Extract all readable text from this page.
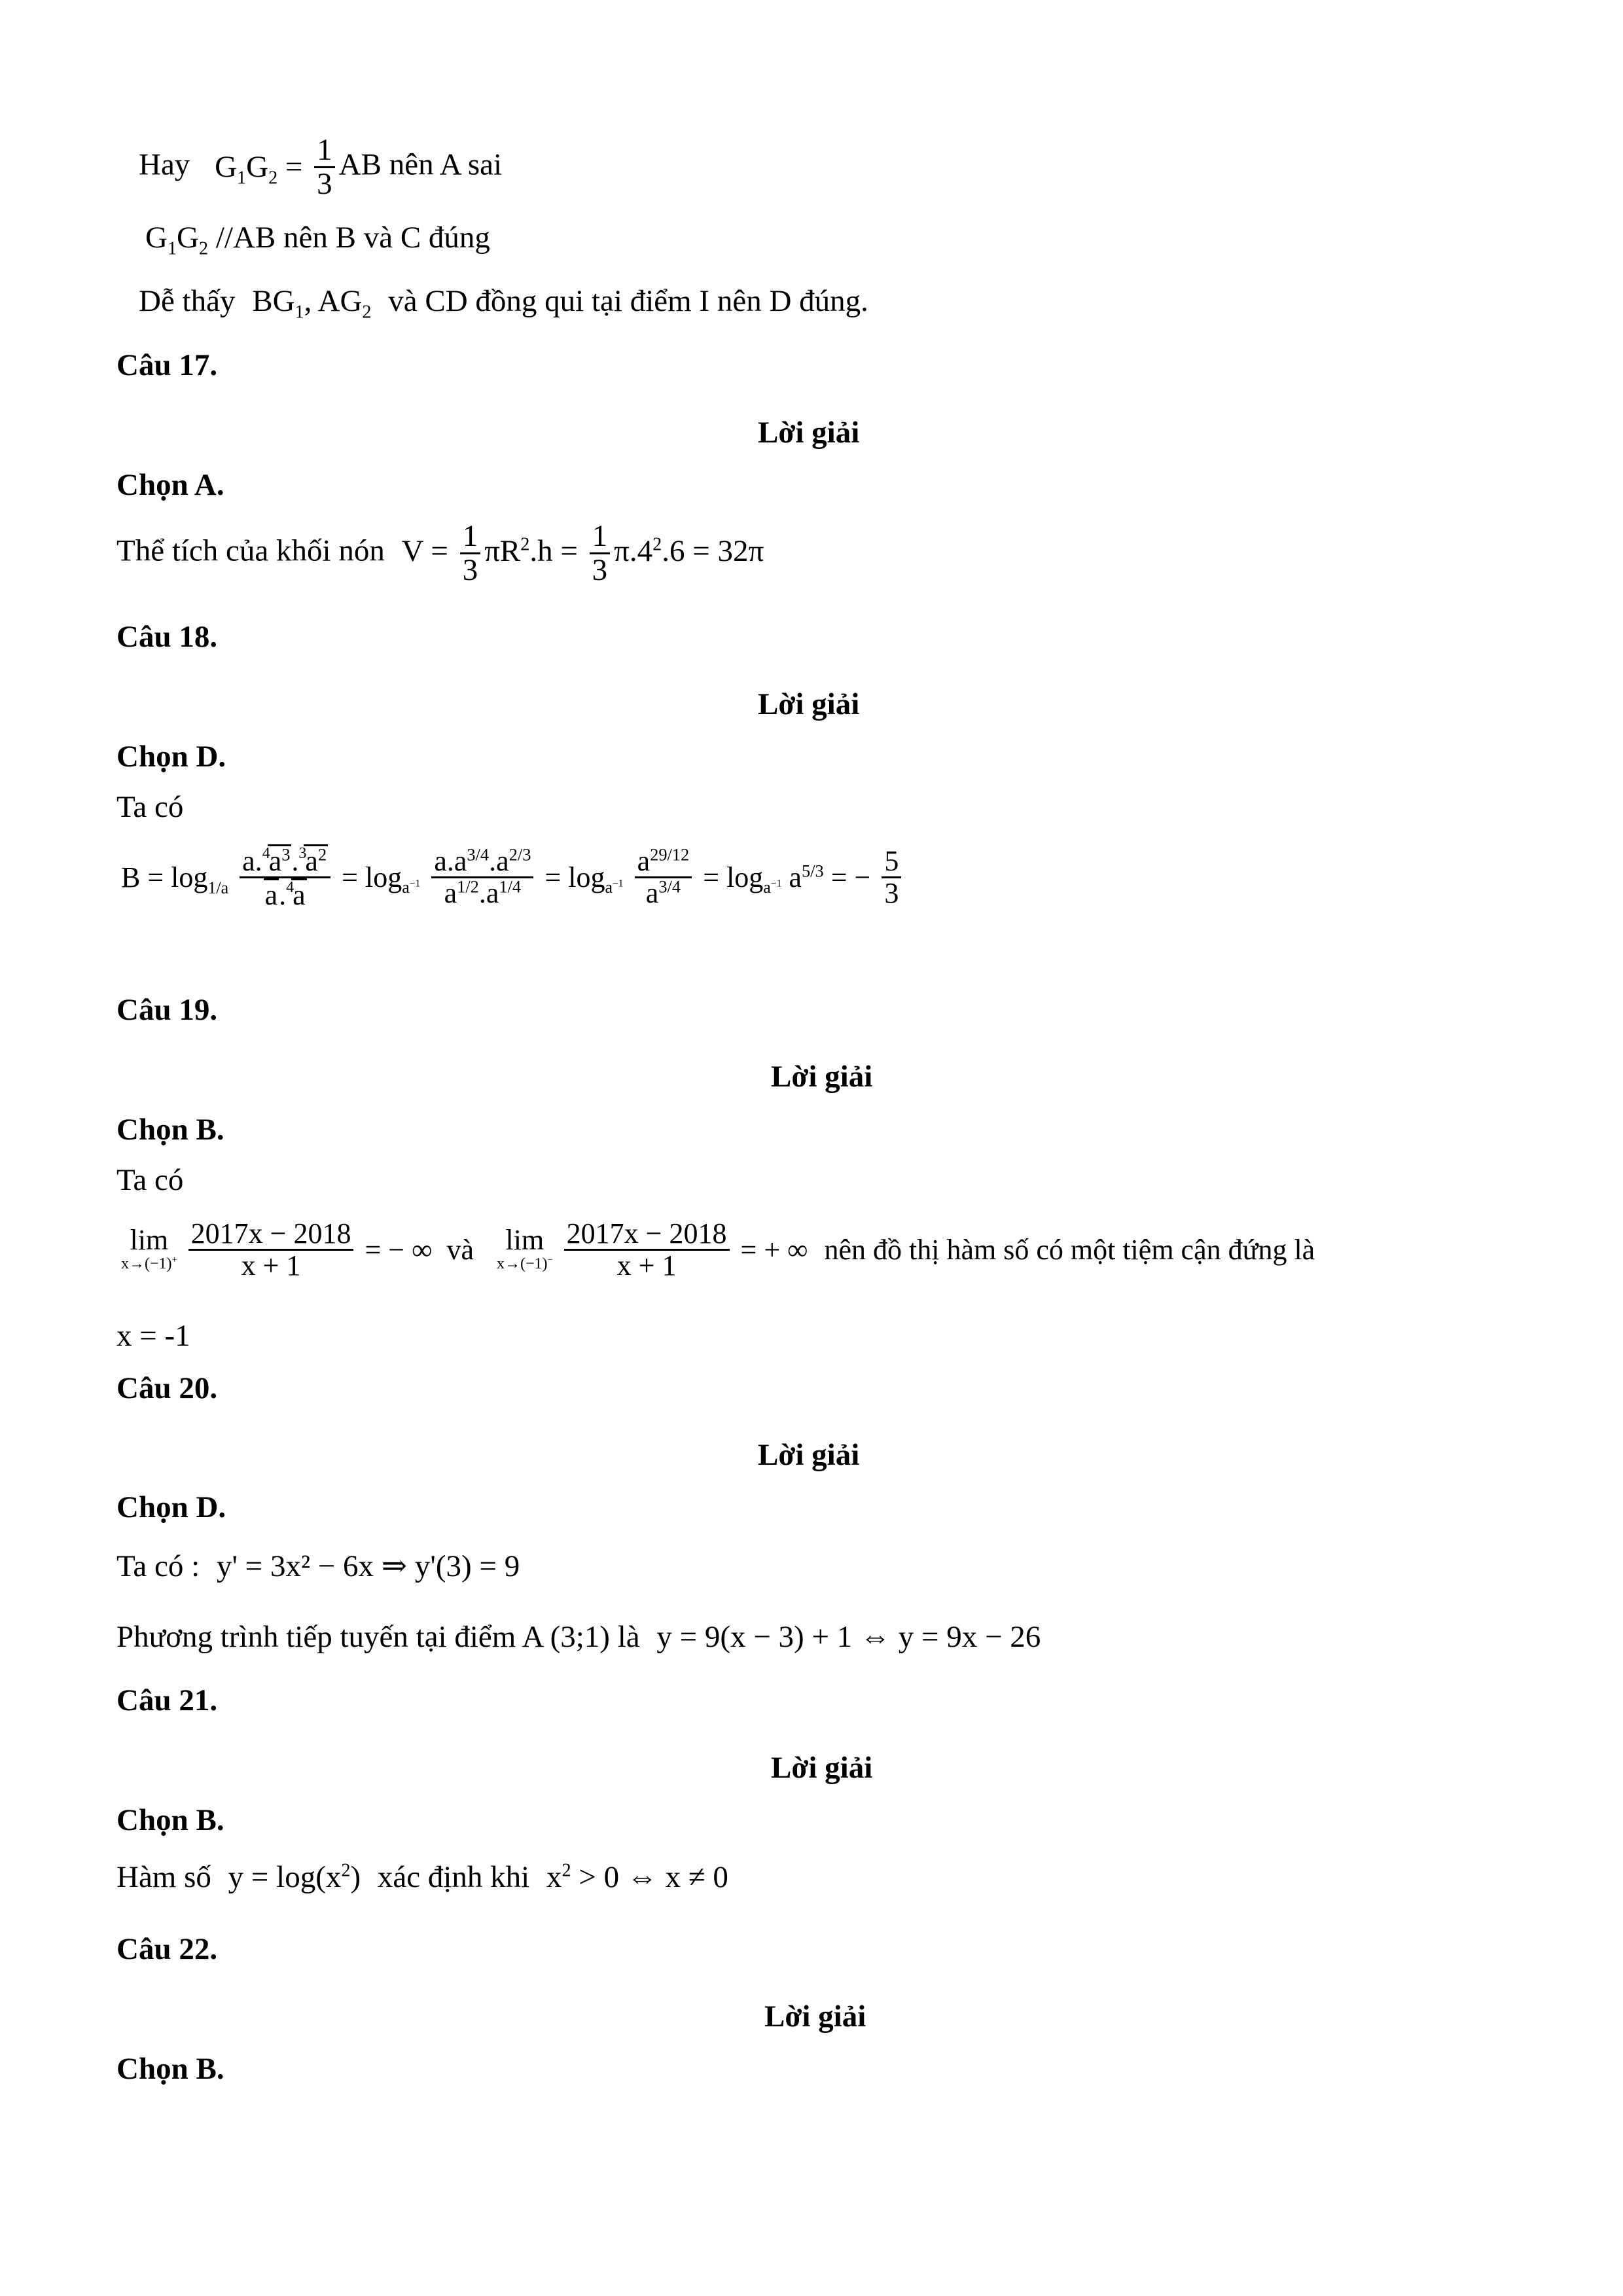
Hay $G_1G_2 = \frac{1}{3}$ AB nên A sai
$G_1G_2$ //AB nên B và C đúng
Dễ thấy $BG_1$, $AG_2$ và CD đồng qui tại điểm I nên D đúng.
Câu 17.
Lời giải
Chọn A.
Thể tích của khối nón $V = \frac{1}{3} \pi R^2.h = \frac{1}{3} \pi.4^2.6 = 32\pi$
Câu 18.
Lời giải
Chọn D.
Ta có
$B = \log_{1/a} \frac{a.^4a^3.^3a^2}{a.^4a} = \log_{a^{-1}} \frac{a.a^{3/4}.a^{2/3}}{a^{1/2}.a^{1/4}} = \log_{a^{-1}} \frac{a^{29/12}}{a^{3/4}} = \log_{a^{-1}} a^{5/3}$ = − $\frac{5}{3}$
Câu 19.
Lời giải
Chọn B.
Ta có
lim
x→(−1)+
$\frac{2017x - 2018}{x + 1}$ = − ∞  và lim
x→(−1)−
$\frac{2017x - 2018}{x + 1}$ = + ∞ nên đồ thị hàm số có một tiệm cận đứng là
x = -1
Câu 20.
Lời giải
Chọn D.
Ta có : y' = 3x² − 6x ⇒ y'(3) = 9
Phương trình tiếp tuyến tại điểm A (3;1) là y = 9(x − 3) + 1 ⇔ y = 9x − 26
Câu 21.
Lời giải
Chọn B.
Hàm số $y = \log(x^2)$ xác định khi $x^2 > 0$ ⇔ x ≠ 0
Câu 22.
Lời giải
Chọn B.
